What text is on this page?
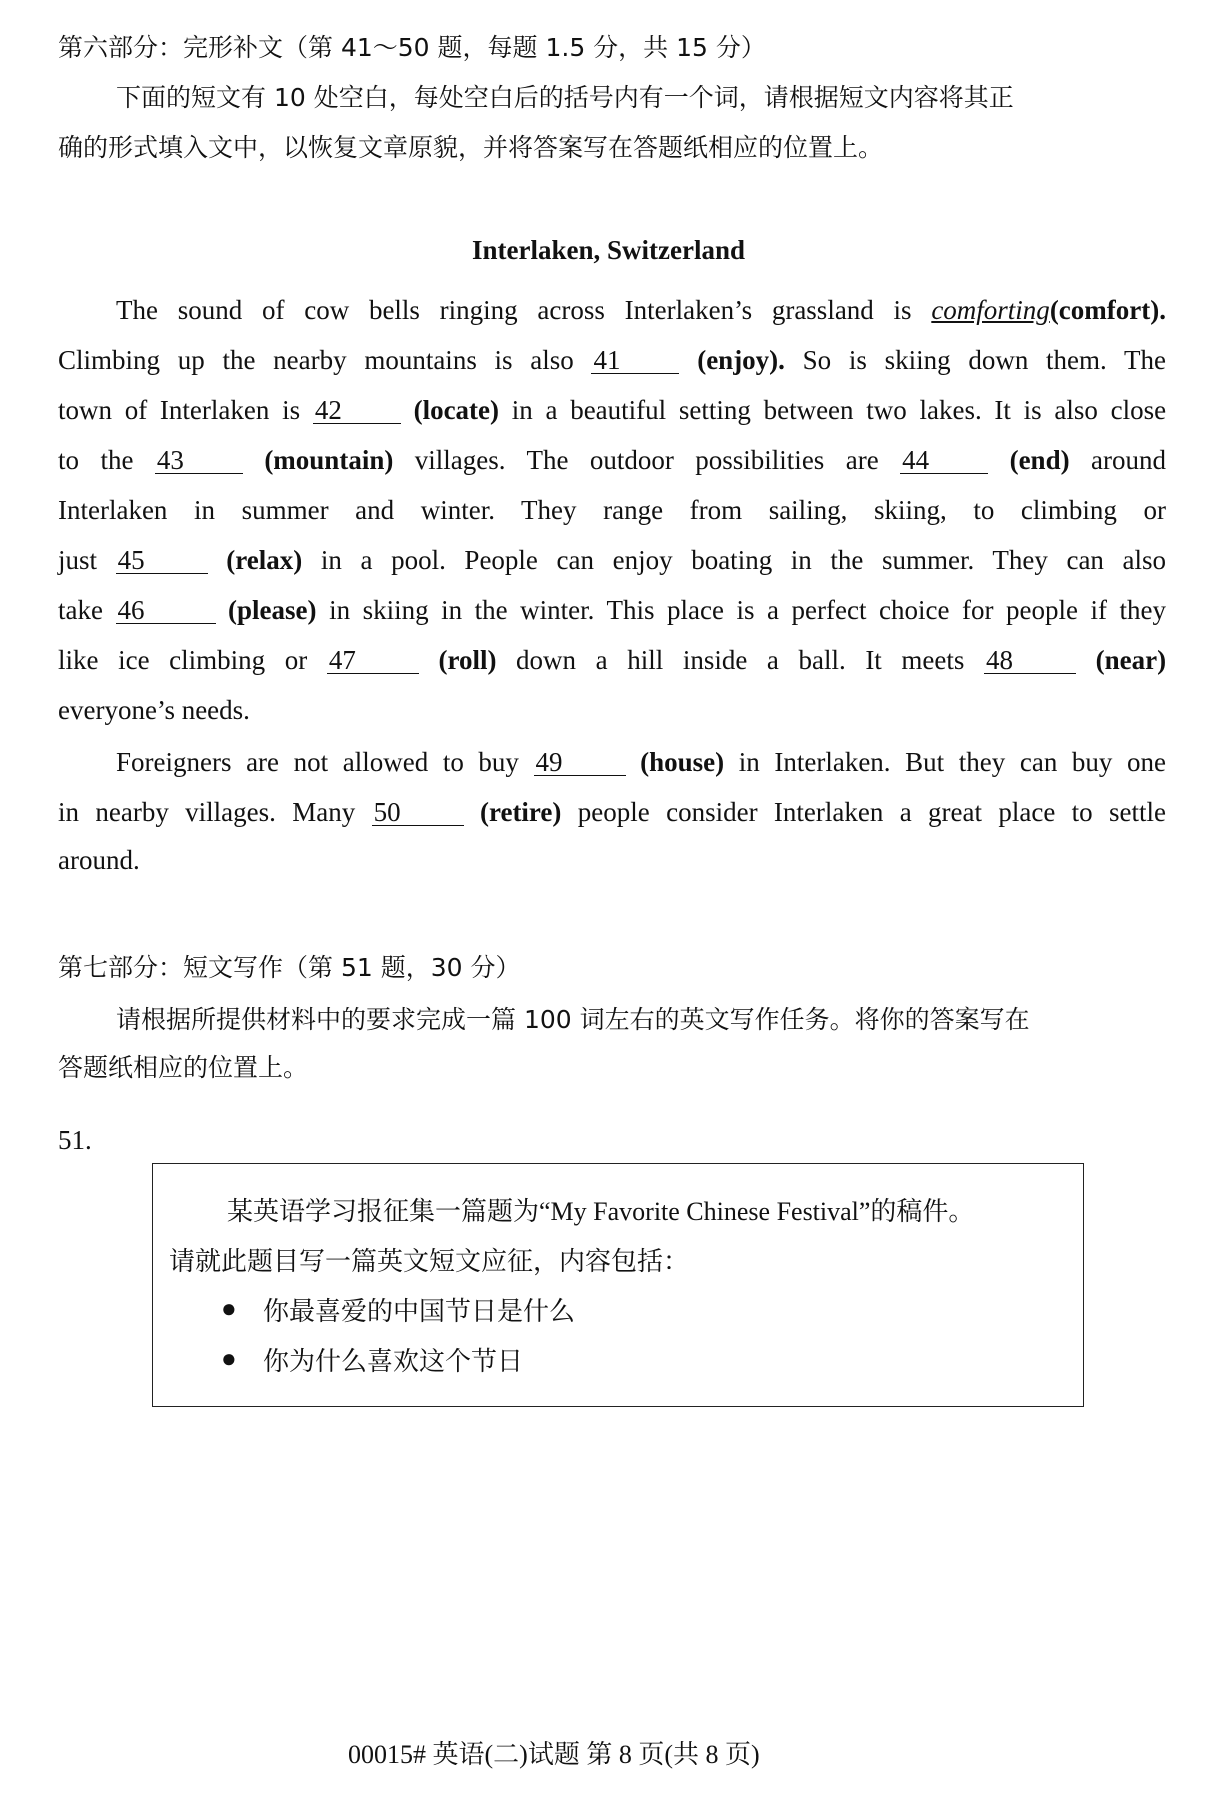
第六部分：完形补文（第 41～50 题，每题 1.5 分，共 15 分）
下面的短文有 10 处空白，每处空白后的括号内有一个词，请根据短文内容将其正
确的形式填入文中，以恢复文章原貌，并将答案写在答题纸相应的位置上。
Interlaken, Switzerland
The sound of cow bells ringing across Interlaken’s grassland is comforting(comfort).
Climbing up the nearby mountains is also 41	(enjoy). So is skiing down them. The
town of Interlaken is 42	(locate) in a beautiful setting between two lakes. It is also close
to the 43	(mountain) villages. The outdoor possibilities are 44	(end) around
Interlaken in summer and winter. They range from sailing, skiing, to climbing or
just 45	(relax) in a pool. People can enjoy boating in the summer. They can also
take 46	(please) in skiing in the winter. This place is a perfect choice for people if they
like ice climbing or 47	(roll) down a hill inside a ball. It meets 48	(near)
everyone’s needs.
Foreigners are not allowed to buy 49	(house) in Interlaken. But they can buy one
in nearby villages. Many 50	(retire) people consider Interlaken a great place to settle
around.
第七部分：短文写作（第 51 题，30 分）
请根据所提供材料中的要求完成一篇 100 词左右的英文写作任务。将你的答案写在
答题纸相应的位置上。
51.
某英语学习报征集一篇题为“My Favorite Chinese Festival”的稿件。
请就此题目写一篇英文短文应征，内容包括：
● 你最喜爱的中国节日是什么
● 你为什么喜欢这个节日
00015# 英语(二)试题 第 8 页(共 8 页)
